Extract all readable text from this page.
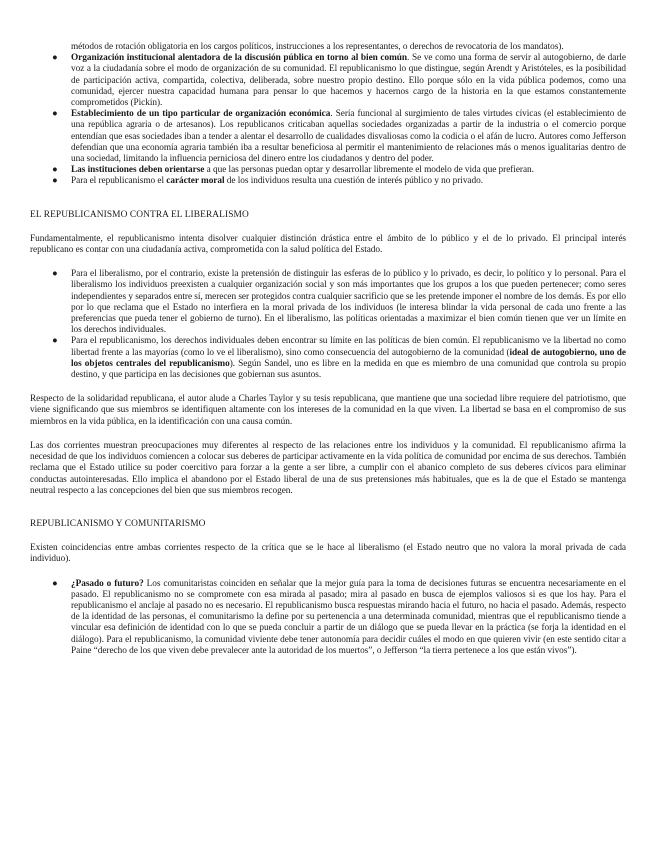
métodos de rotación obligatoria en los cargos políticos, instrucciones a los representantes, o derechos de revocatoria de los mandatos).
● Organización institucional alentadora de la discusión pública en torno al bien común. Se ve como una forma de servir al autogobierno, de darle voz a la ciudadanía sobre el modo de organización de su comunidad. El republicanismo lo que distingue, según Arendt y Aristóteles, es la posibilidad de participación activa, compartida, colectiva, deliberada, sobre nuestro propio destino. Ello porque sólo en la vida pública podemos, como una comunidad, ejercer nuestra capacidad humana para pensar lo que hacemos y hacernos cargo de la historia en la que estamos constantemente comprometidos (Pickin).
● Establecimiento de un tipo particular de organización económica. Sería funcional al surgimiento de tales virtudes cívicas (el establecimiento de una república agraria o de artesanos). Los republicanos criticaban aquellas sociedades organizadas a partir de la industria o el comercio porque entendían que esas sociedades iban a tender a alentar el desarrollo de cualidades disvaliosas como la codicia o el afán de lucro. Autores como Jefferson defendían que una economía agraria también iba a resultar beneficiosa al permitir el mantenimiento de relaciones más o menos igualitarias dentro de una sociedad, limitando la influencia perniciosa del dinero entre los ciudadanos y dentro del poder.
● Las instituciones deben orientarse a que las personas puedan optar y desarrollar libremente el modelo de vida que prefieran.
● Para el republicanismo el carácter moral de los individuos resulta una cuestión de interés público y no privado.

EL REPUBLICANISMO CONTRA EL LIBERALISMO

Fundamentalmente, el republicanismo intenta disolver cualquier distinción drástica entre el ámbito de lo público y el de lo privado. El principal interés republicano es contar con una ciudadanía activa, comprometida con la salud política del Estado.

● Para el liberalismo, por el contrario, existe la pretensión de distinguir las esferas de lo público y lo privado, es decir, lo político y lo personal. Para el liberalismo los individuos preexisten a cualquier organización social y son más importantes que los grupos a los que pueden pertenecer; como seres independientes y separados entre sí, merecen ser protegidos contra cualquier sacrificio que se les pretende imponer el nombre de los demás. Es por ello por lo que reclama que el Estado no interfiera en la moral privada de los individuos (le interesa blindar la vida personal de cada uno frente a las preferencias que pueda tener el gobierno de turno). En el liberalismo, las políticas orientadas a maximizar el bien común tienen que ver un límite en los derechos individuales.
● Para el republicanismo, los derechos individuales deben encontrar su límite en las políticas de bien común. El republicanismo ve la libertad no como libertad frente a las mayorías (como lo ve el liberalismo), sino como consecuencia del autogobierno de la comunidad (ideal de autogobierno, uno de los objetos centrales del republicanismo). Según Sandel, uno es libre en la medida en que es miembro de una comunidad que controla su propio destino, y que participa en las decisiones que gobiernan sus asuntos.

Respecto de la solidaridad republicana, el autor alude a Charles Taylor y su tesis republicana, que mantiene que una sociedad libre requiere del patriotismo, que viene significando que sus miembros se identifiquen altamente con los intereses de la comunidad en la que viven. La libertad se basa en el compromiso de sus miembros en la vida pública, en la identificación con una causa común.

Las dos corrientes muestran preocupaciones muy diferentes al respecto de las relaciones entre los individuos y la comunidad. El republicanismo afirma la necesidad de que los individuos comiencen a colocar sus deberes de participar activamente en la vida política de comunidad por encima de sus derechos. También reclama que el Estado utilice su poder coercitivo para forzar a la gente a ser libre, a cumplir con el abanico completo de sus deberes cívicos para eliminar conductas autointeresadas. Ello implica el abandono por el Estado liberal de una de sus pretensiones más habituales, que es la de que el Estado se mantenga neutral respecto a las concepciones del bien que sus miembros recogen.

REPUBLICANISMO Y COMUNITARISMO

Existen coincidencias entre ambas corrientes respecto de la crítica que se le hace al liberalismo (el Estado neutro que no valora la moral privada de cada individuo).

● ¿Pasado o futuro? Los comunitaristas coinciden en señalar que la mejor guía para la toma de decisiones futuras se encuentra necesariamente en el pasado. El republicanismo no se compromete con esa mirada al pasado; mira al pasado en busca de ejemplos valiosos si es que los hay. Para el republicanismo el anclaje al pasado no es necesario. El republicanismo busca respuestas mirando hacia el futuro, no hacia el pasado. Además, respecto de la identidad de las personas, el comunitarismo la define por su pertenencia a una determinada comunidad, mientras que el republicanismo tiende a vincular esa definición de identidad con lo que se pueda concluir a partir de un diálogo que se pueda llevar en la práctica (se forja la identidad en el diálogo). Para el republicanismo, la comunidad viviente debe tener autonomía para decidir cuáles el modo en que quieren vivir (en este sentido citar a Paine “derecho de los que viven debe prevalecer ante la autoridad de los muertos”, o Jefferson “la tierra pertenece a los que están vivos”).
